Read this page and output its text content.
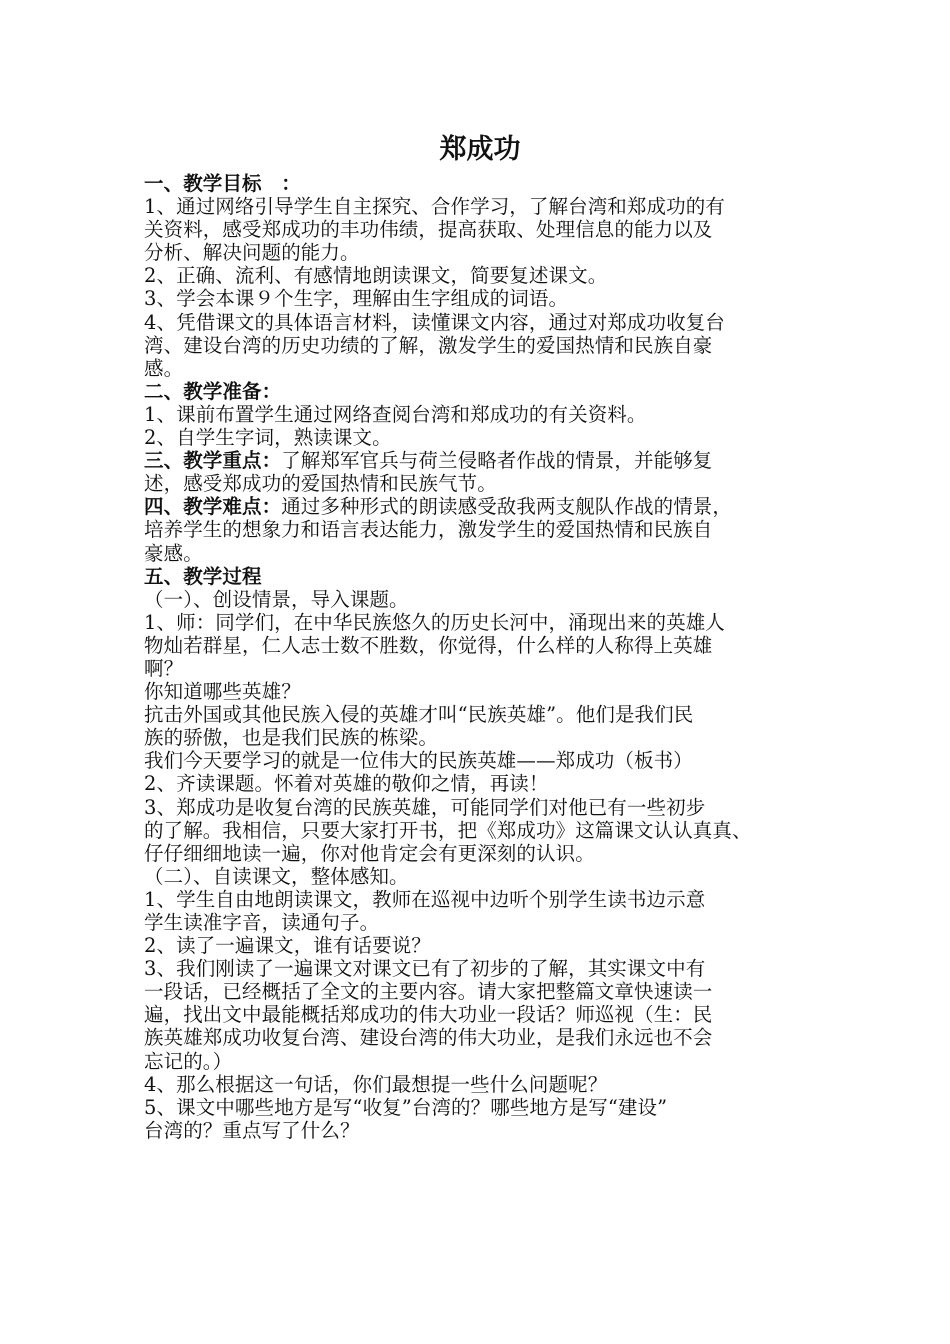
郑成功

一、教学目标　：

1、通过网络引导学生自主探究、合作学习，了解台湾和郑成功的有

关资料，感受郑成功的丰功伟绩，提高获取、处理信息的能力以及

分析、解决问题的能力。

2、正确、流利、有感情地朗读课文，简要复述课文。

3、学会本课９个生字，理解由生字组成的词语。

4、凭借课文的具体语言材料，读懂课文内容，通过对郑成功收复台

湾、建设台湾的历史功绩的了解，激发学生的爱国热情和民族自豪

感。

二、教学准备：

1、课前布置学生通过网络查阅台湾和郑成功的有关资料。

2、自学生字词，熟读课文。

三、教学重点：了解郑军官兵与荷兰侵略者作战的情景，并能够复

述，感受郑成功的爱国热情和民族气节。

四、教学难点：通过多种形式的朗读感受敌我两支舰队作战的情景，

培养学生的想象力和语言表达能力，激发学生的爱国热情和民族自

豪感。

五、教学过程

（一）、创设情景，导入课题。

1、师：同学们，在中华民族悠久的历史长河中，涌现出来的英雄人

物灿若群星，仁人志士数不胜数，你觉得，什么样的人称得上英雄

啊？

你知道哪些英雄？

抗击外国或其他民族入侵的英雄才叫“民族英雄”。他们是我们民

族的骄傲，也是我们民族的栋梁。

我们今天要学习的就是一位伟大的民族英雄——郑成功（板书）

2、齐读课题。怀着对英雄的敬仰之情，再读！

3、郑成功是收复台湾的民族英雄，可能同学们对他已有一些初步

的了解。我相信，只要大家打开书，把《郑成功》这篇课文认认真真、

仔仔细细地读一遍，你对他肯定会有更深刻的认识。

（二）、自读课文，整体感知。

1、学生自由地朗读课文，教师在巡视中边听个别学生读书边示意

学生读准字音，读通句子。

2、读了一遍课文，谁有话要说？

3、我们刚读了一遍课文对课文已有了初步的了解，其实课文中有

一段话，已经概括了全文的主要内容。请大家把整篇文章快速读一

遍，找出文中最能概括郑成功的伟大功业一段话？师巡视（生：民

族英雄郑成功收复台湾、建设台湾的伟大功业，是我们永远也不会

忘记的。）

4、那么根据这一句话，你们最想提一些什么问题呢？

5、课文中哪些地方是写“收复”台湾的？哪些地方是写“建设”

台湾的？重点写了什么？
